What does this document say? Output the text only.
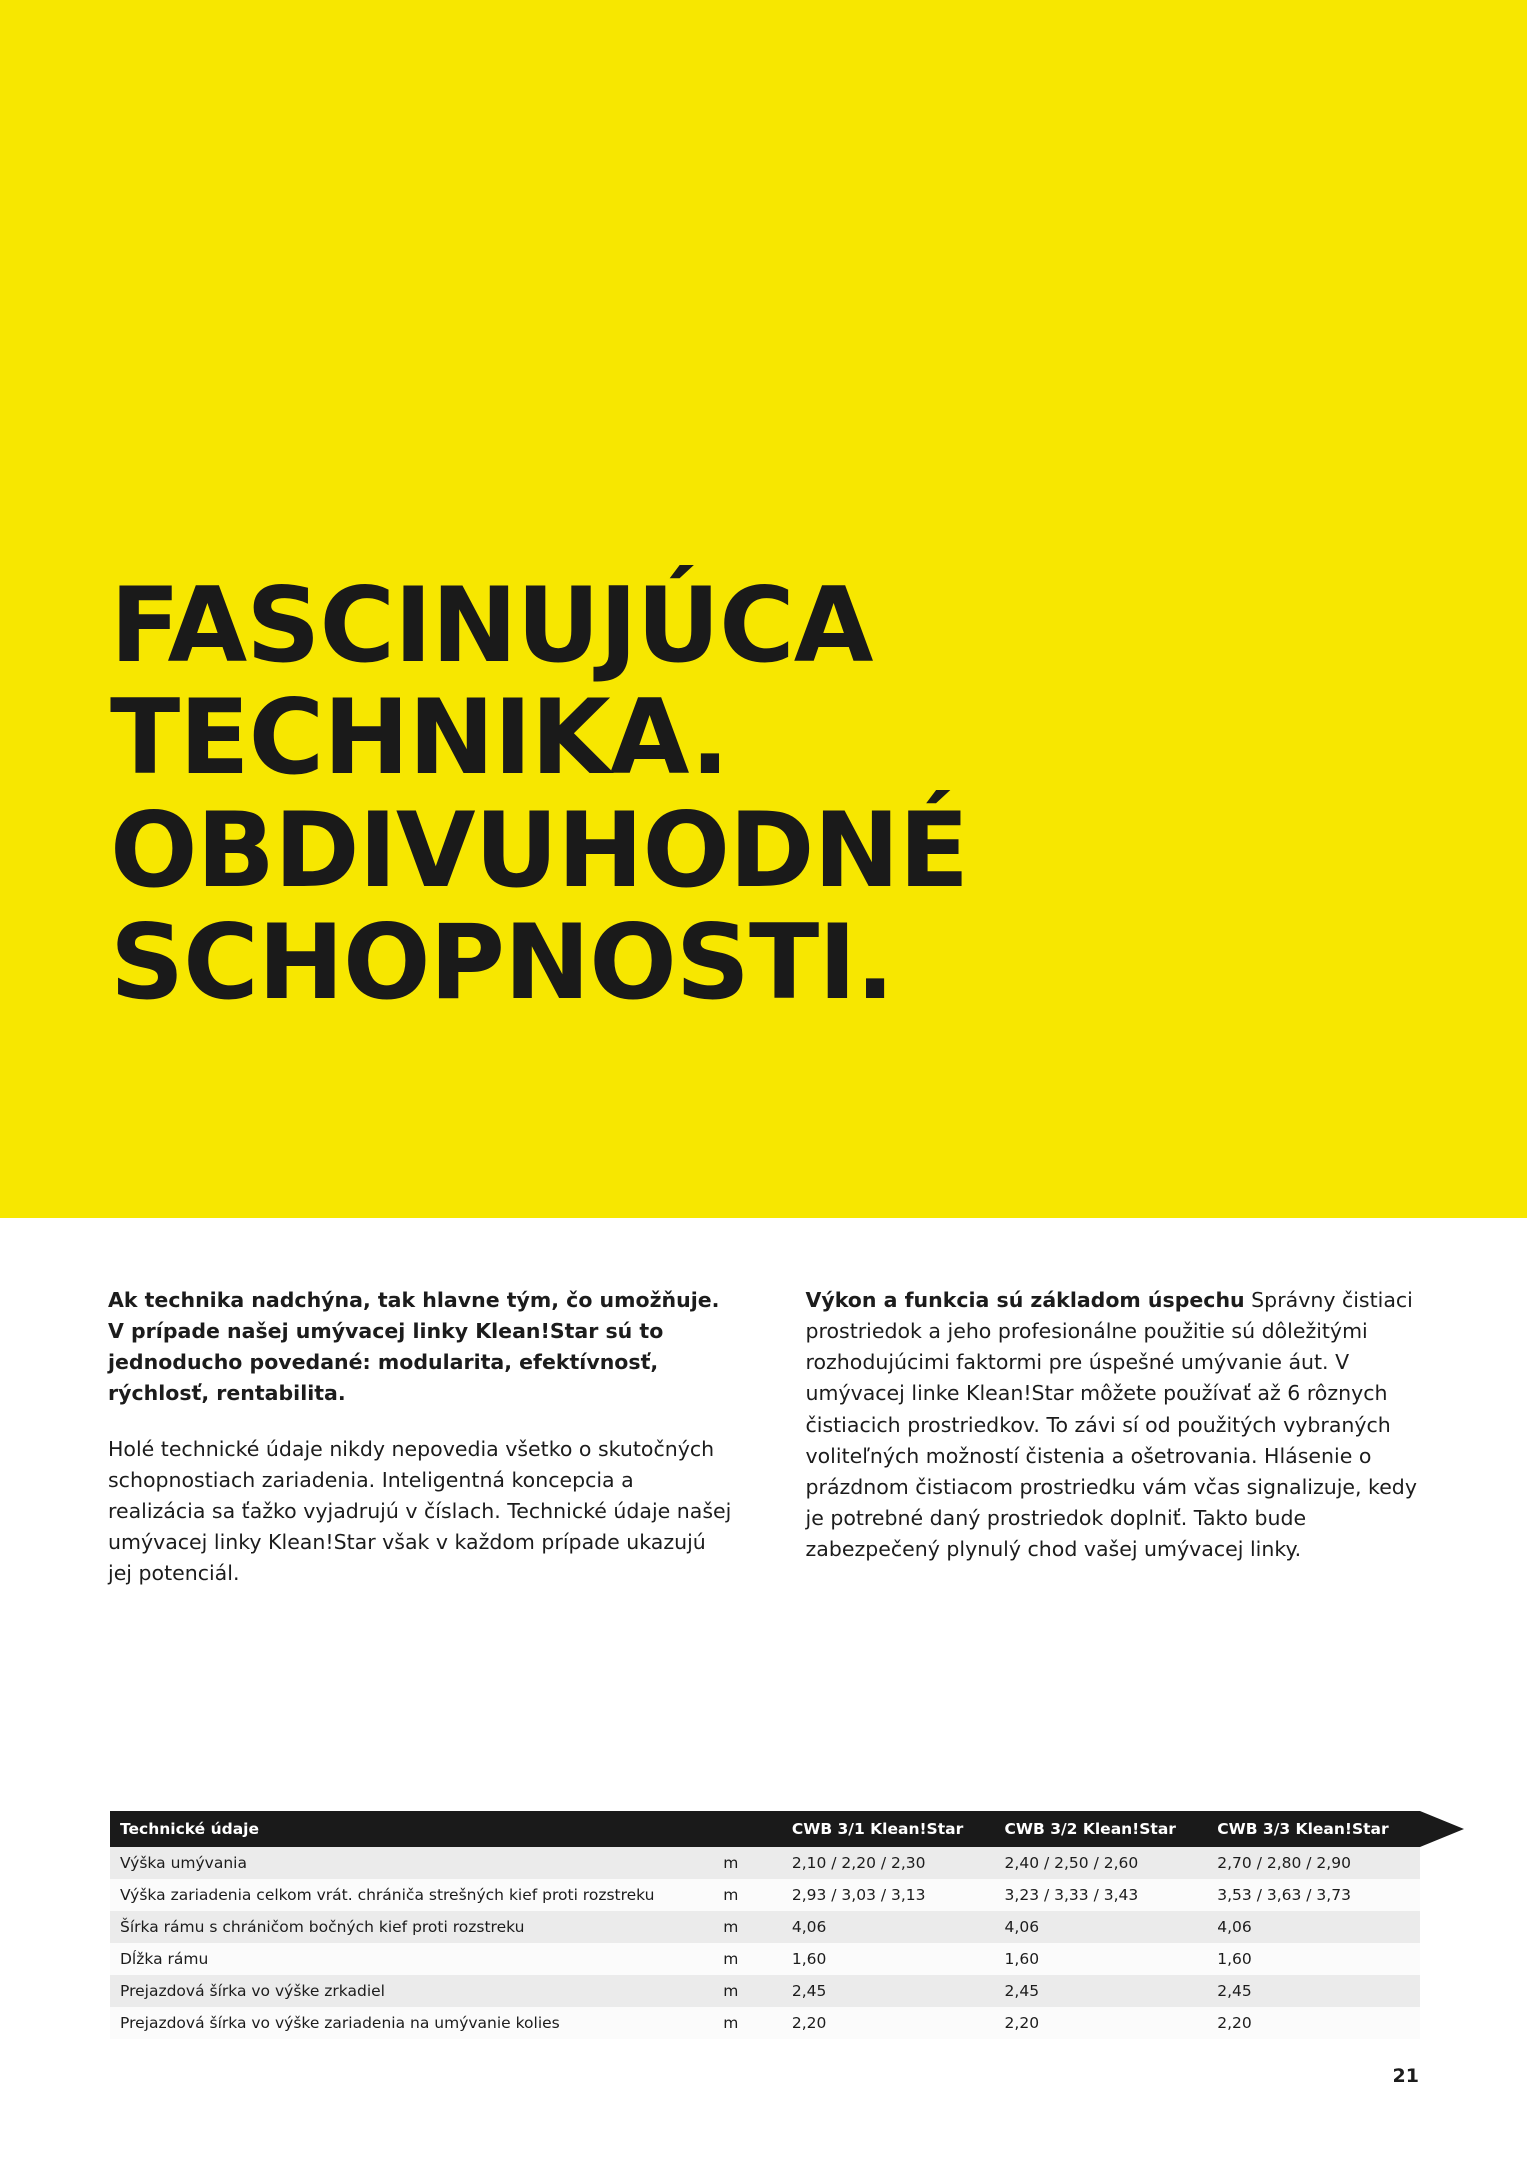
FASCINUJÚCA
TECHNIKA.
OBDIVUHODNÉ
SCHOPNOSTI.

Ak technika nadchýna, tak hlavne tým, čo umožňuje. V prípade našej umývacej linky Klean!Star sú to jednoducho povedané: modularita, efektívnosť, rýchlosť, rentabilita.

Holé technické údaje nikdy nepovedia všetko o skutočných schopnostiach zariadenia. Inteligentná koncepcia a realizácia sa ťažko vyjadrujú v číslach. Technické údaje našej umývacej linky Klean!Star však v každom prípade ukazujú jej potenciál.

Výkon a funkcia sú základom úspechu Správny čistiaci prostriedok a jeho profesionálne použitie sú dôležitými rozhodujúcimi faktormi pre úspešné umývanie áut. V umývacej linke Klean!Star môžete používať až 6 rôznych čistiacich prostriedkov. To závi sí od použitých vybraných voliteľných možností čistenia a ošetrovania. Hlásenie o prázdnom čistiacom prostriedku vám včas signalizuje, kedy je potrebné daný prostriedok doplniť. Takto bude zabezpečený plynulý chod vašej umývacej linky.

Technické údaje		CWB 3/1 Klean!Star	CWB 3/2 Klean!Star	CWB 3/3 Klean!Star

Výška umývania	m	2,10 / 2,20 / 2,30	2,40 / 2,50 / 2,60	2,70 / 2,80 / 2,90
Výška zariadenia celkom vrát. chrániča strešných kief proti rozstreku	m	2,93 / 3,03 / 3,13	3,23 / 3,33 / 3,43	3,53 / 3,63 / 3,73
Šírka rámu s chráničom bočných kief proti rozstreku	m	4,06	4,06	4,06
Dĺžka rámu	m	1,60	1,60	1,60
Prejazdová šírka vo výške zrkadiel	m	2,45	2,45	2,45
Prejazdová šírka vo výške zariadenia na umývanie kolies	m	2,20	2,20	2,20
21
